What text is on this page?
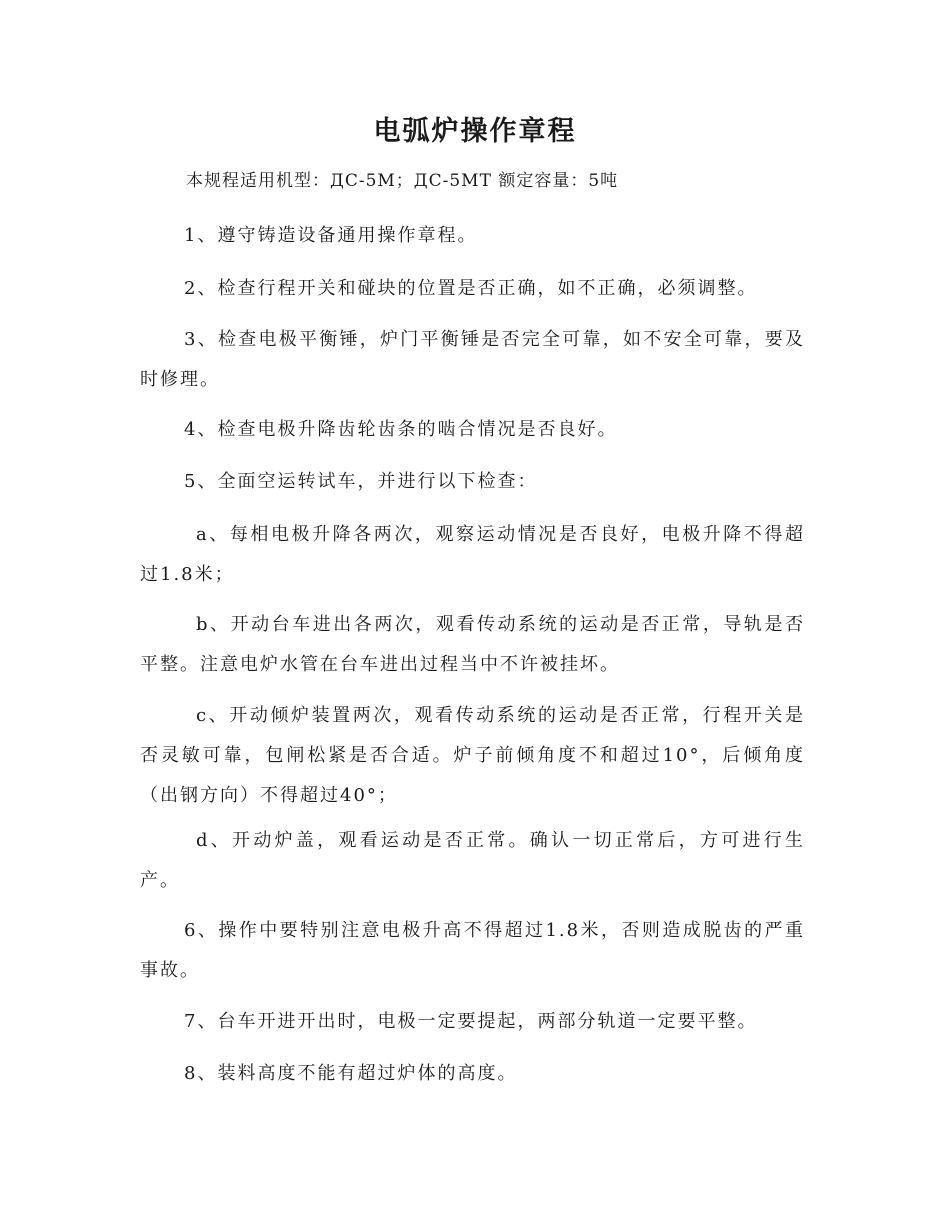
电弧炉操作章程
本规程适用机型：ДС-5M；ДС-5MT 额定容量：5吨

1、遵守铸造设备通用操作章程。

2、检查行程开关和碰块的位置是否正确，如不正确，必须调整。

3、检查电极平衡锤，炉门平衡锤是否完全可靠，如不安全可靠，要及时修理。

4、检查电极升降齿轮齿条的啮合情况是否良好。

5、全面空运转试车，并进行以下检查：

a、每相电极升降各两次，观察运动情况是否良好，电极升降不得超过1.8米；

b、开动台车进出各两次，观看传动系统的运动是否正常，导轨是否平整。注意电炉水管在台车进出过程当中不许被挂坏。

c、开动倾炉装置两次，观看传动系统的运动是否正常，行程开关是否灵敏可靠，包闸松紧是否合适。炉子前倾角度不和超过10°，后倾角度（出钢方向）不得超过40°；

d、开动炉盖，观看运动是否正常。确认一切正常后，方可进行生产。

6、操作中要特别注意电极升高不得超过1.8米，否则造成脱齿的严重事故。

7、台车开进开出时，电极一定要提起，两部分轨道一定要平整。

8、装料高度不能有超过炉体的高度。
